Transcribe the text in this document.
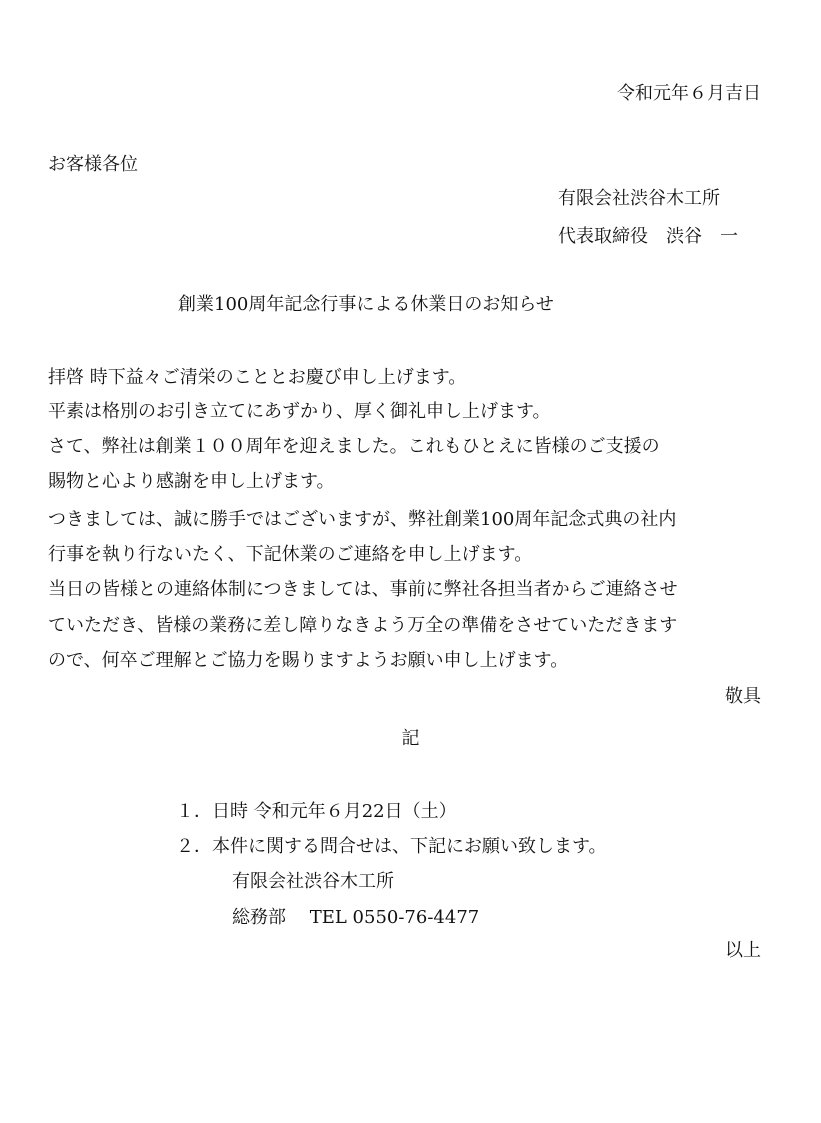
令和元年６月吉日
お客様各位
有限会社渋谷木工所
代表取締役　渋谷　一
創業100周年記念行事による休業日のお知らせ
拝啓 時下益々ご清栄のこととお慶び申し上げます。
平素は格別のお引き立てにあずかり、厚く御礼申し上げます。
さて、弊社は創業１００周年を迎えました。これもひとえに皆様のご支援の
賜物と心より感謝を申し上げます。
つきましては、誠に勝手ではございますが、弊社創業100周年記念式典の社内
行事を執り行ないたく、下記休業のご連絡を申し上げます。
当日の皆様との連絡体制につきましては、事前に弊社各担当者からご連絡させ
ていただき、皆様の業務に差し障りなきよう万全の準備をさせていただきます
ので、何卒ご理解とご協力を賜りますようお願い申し上げます。
敬具
記
１．日時 令和元年６月22日（土）
２．本件に関する問合せは、下記にお願い致します。
有限会社渋谷木工所
総務部　 TEL 0550-76-4477
以上
